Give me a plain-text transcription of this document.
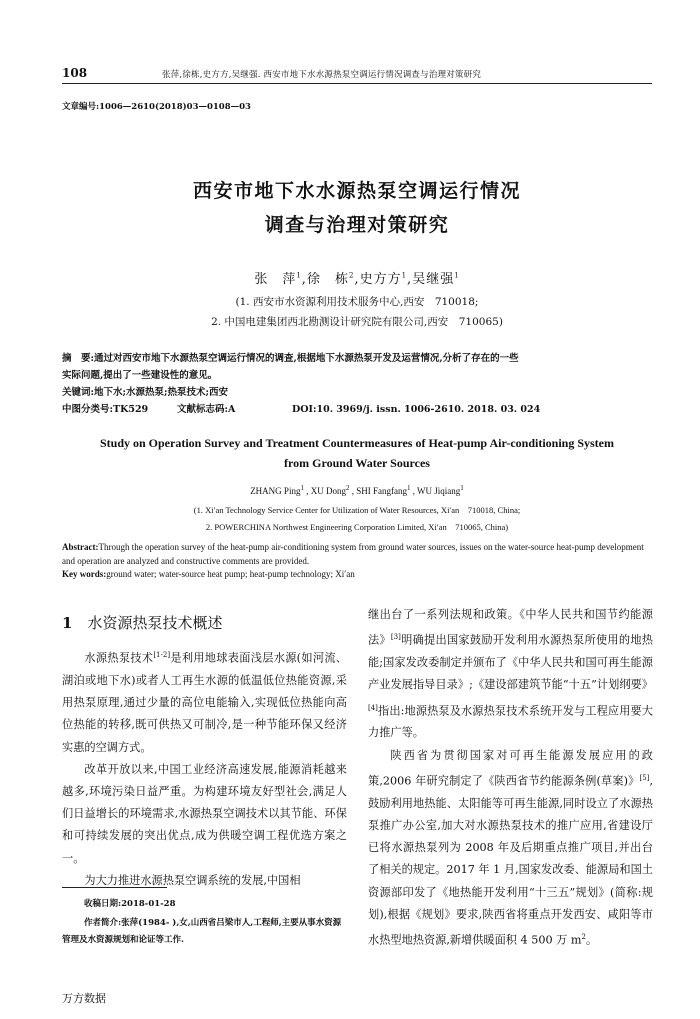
108	张萍,徐栋,史方方,吴继强. 西安市地下水水源热泵空调运行情况调查与治理对策研究
文章编号:1006—2610(2018)03—0108—03
西安市地下水水源热泵空调运行情况
调查与治理对策研究
张　萍$^1$,徐　栋$^2$,史方方$^1$,吴继强$^1$
(1. 西安市水资源利用技术服务中心,西安　710018;
2. 中国电建集团西北勘测设计研究院有限公司,西安　710065)
摘　要:通过对西安市地下水源热泵空调运行情况的调查,根据地下水源热泵开发及运营情况,分析了存在的一些
实际问题,提出了一些建设性的意见。
关键词:地下水;水源热泵;热泵技术;西安
中图分类号:TK529	文献标志码:A	DOI:10. 3969/j. issn. 1006-2610. 2018. 03. 024
Study on Operation Survey and Treatment Countermeasures of Heat-pump Air-conditioning System
from Ground Water Sources
ZHANG Ping$^1$ , XU Dong$^2$ , SHI Fangfang$^1$ , WU Jiqiang$^1$
(1. Xi′an Technology Service Center for Utilization of Water Resources, Xi′an　710018, China;
2. POWERCHINA Northwest Engineering Corporation Limited, Xi′an　710065, China)
Abstract:Through the operation survey of the heat-pump air-conditioning system from ground water sources, issues on the water-source heat-pump development and operation are analyzed and constructive comments are provided.
Key words:ground water; water-source heat pump; heat-pump technology; Xi′an
1　 水资源热泵技术概述

水源热泵技术[1-2]是利用地球表面浅层水源(如河流、湖泊或地下水)或者人工再生水源的低温低位热能资源,采用热泵原理,通过少量的高位电能输入,实现低位热能向高位热能的转移,既可供热又可制冷,是一种节能环保又经济实惠的空调方式。

改革开放以来,中国工业经济高速发展,能源消耗越来越多,环境污染日益严重。为构建环境友好型社会,满足人们日益增长的环境需求,水源热泵空调技术以其节能、环保和可持续发展的突出优点,成为供暖空调工程优选方案之一。

为大力推进水源热泵空调系统的发展,中国相

继出台了一系列法规和政策。《中华人民共和国节约能源法》[3]明确提出国家鼓励开发利用水源热泵所使用的地热能;国家发改委制定并颁布了《中华人民共和国可再生能源产业发展指导目录》;《建设部建筑节能“十五”计划纲要》[4]指出:地源热泵及水源热泵技术系统开发与工程应用要大力推广等。

陕西省为贯彻国家对可再生能源发展应用的政策,2006 年研究制定了《陕西省节约能源条例(草案)》[5],鼓励利用地热能、太阳能等可再生能源,同时设立了水源热泵推广办公室,加大对水源热泵技术的推广应用,省建设厅已将水源热泵列为 2008 年及后期重点推广项目,并出台了相关的规定。2017 年 1 月,国家发改委、能源局和国土资源部印发了《地热能开发利用“十三五”规划》(简称:规划),根据《规划》要求,陕西省将重点开发西安、咸阳等市水热型地热资源,新增供暖面积 4 500 万 $m^2$。

收稿日期:2018-01-28
作者简介:张萍(1984- ),女,山西省吕梁市人,工程师,主要从事水资源管理及水资源规划和论证等工作.
万方数据
